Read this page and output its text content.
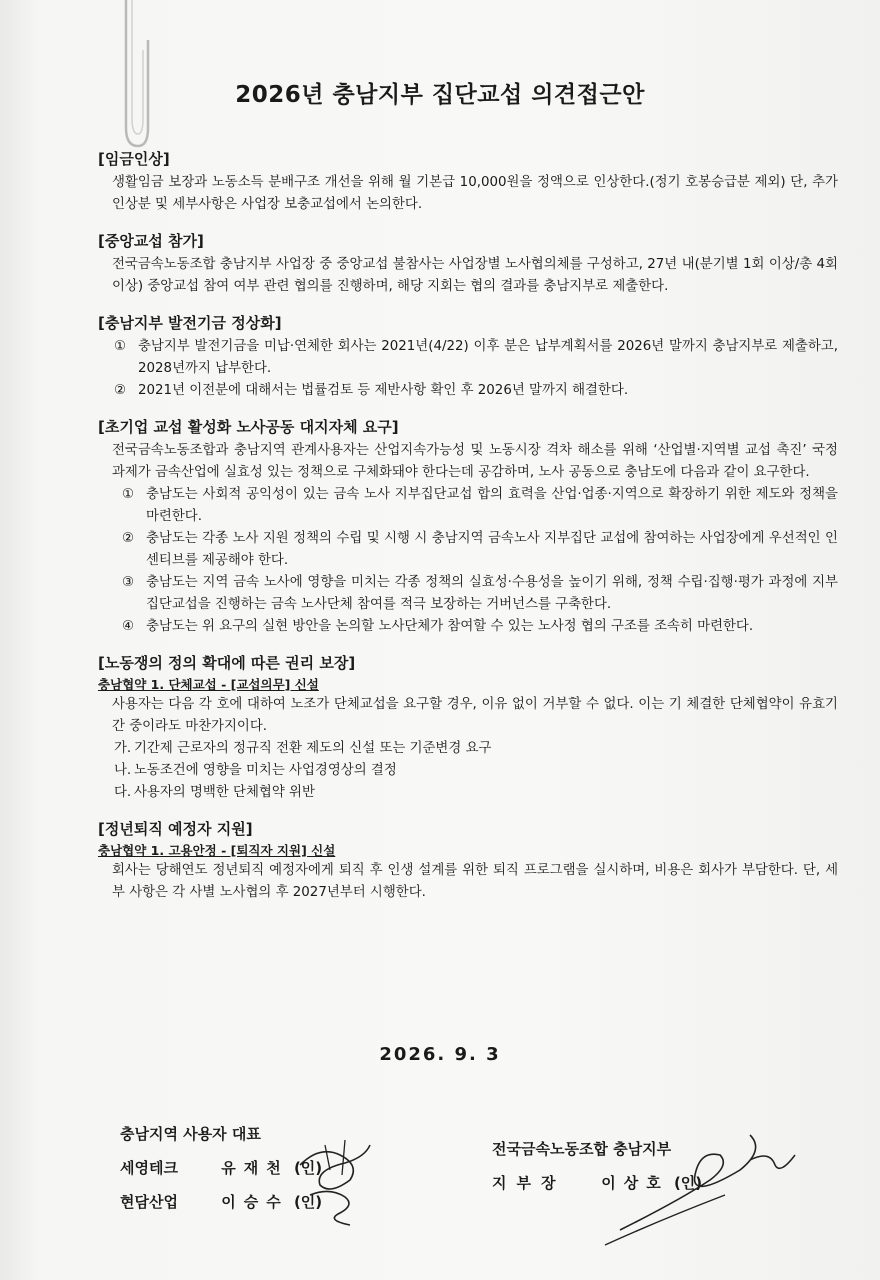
2026년 충남지부 집단교섭 의견접근안
[임금인상]
생활임금 보장과 노동소득 분배구조 개선을 위해 월 기본급 10,000원을 정액으로 인상한다.(정기 호봉승급분 제외) 단, 추가 인상분 및 세부사항은 사업장 보충교섭에서 논의한다.
[중앙교섭 참가]
전국금속노동조합 충남지부 사업장 중 중앙교섭 불참사는 사업장별 노사협의체를 구성하고, 27년 내(분기별 1회 이상/총 4회 이상) 중앙교섭 참여 여부 관련 협의를 진행하며, 해당 지회는 협의 결과를 충남지부로 제출한다.
[충남지부 발전기금 정상화]
① 충남지부 발전기금을 미납·연체한 회사는 2021년(4/22) 이후 분은 납부계획서를 2026년 말까지 충남지부로 제출하고, 2028년까지 납부한다.
② 2021년 이전분에 대해서는 법률검토 등 제반사항 확인 후 2026년 말까지 해결한다.
[초기업 교섭 활성화 노사공동 대지자체 요구]
전국금속노동조합과 충남지역 관계사용자는 산업지속가능성 및 노동시장 격차 해소를 위해 ‘산업별·지역별 교섭 촉진’ 국정 과제가 금속산업에 실효성 있는 정책으로 구체화돼야 한다는데 공감하며, 노사 공동으로 충남도에 다음과 같이 요구한다.
① 충남도는 사회적 공익성이 있는 금속 노사 지부집단교섭 합의 효력을 산업·업종·지역으로 확장하기 위한 제도와 정책을 마련한다.
② 충남도는 각종 노사 지원 정책의 수립 및 시행 시 충남지역 금속노사 지부집단 교섭에 참여하는 사업장에게 우선적인 인센티브를 제공해야 한다.
③ 충남도는 지역 금속 노사에 영향을 미치는 각종 정책의 실효성·수용성을 높이기 위해, 정책 수립·집행·평가 과정에 지부집단교섭을 진행하는 금속 노사단체 참여를 적극 보장하는 거버넌스를 구축한다.
④ 충남도는 위 요구의 실현 방안을 논의할 노사단체가 참여할 수 있는 노사정 협의 구조를 조속히 마련한다.
[노동쟁의 정의 확대에 따른 권리 보장]
충남협약 1. 단체교섭 - [교섭의무] 신설
사용자는 다음 각 호에 대하여 노조가 단체교섭을 요구할 경우, 이유 없이 거부할 수 없다. 이는 기 체결한 단체협약이 유효기간 중이라도 마찬가지이다.
가. 기간제 근로자의 정규직 전환 제도의 신설 또는 기준변경 요구
나. 노동조건에 영향을 미치는 사업경영상의 결정
다. 사용자의 명백한 단체협약 위반
[정년퇴직 예정자 지원]
충남협약 1. 고용안정 - [퇴직자 지원] 신설
회사는 당해연도 정년퇴직 예정자에게 퇴직 후 인생 설계를 위한 퇴직 프로그램을 실시하며, 비용은 회사가 부담한다. 단, 세부 사항은 각 사별 노사협의 후 2027년부터 시행한다.
2026. 9. 3
충남지역 사용자 대표
세영테크	유재천 (인)
현담산업	이승수 (인)
전국금속노동조합 충남지부
지부장 이상호 (인)
